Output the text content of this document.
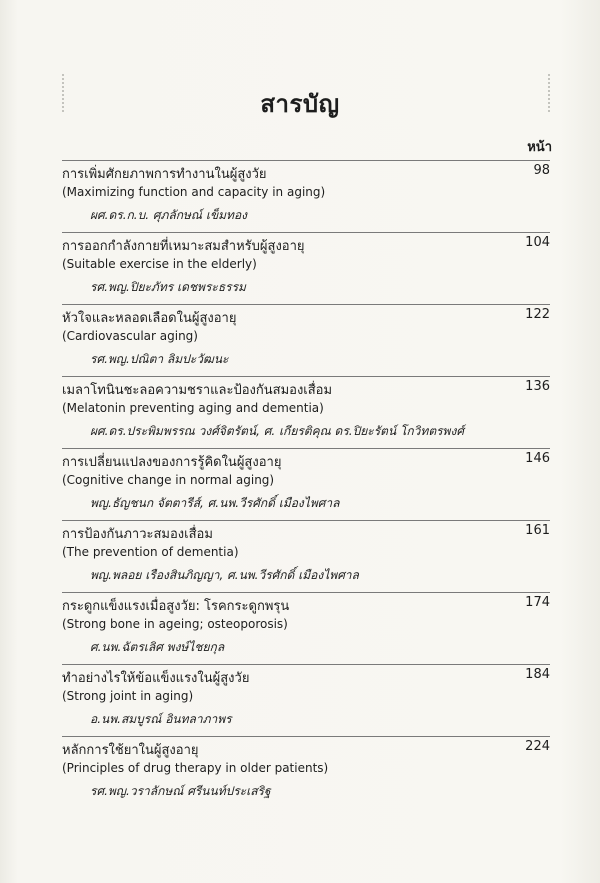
สารบัญ
หน้า
การเพิ่มศักยภาพการทำงานในผู้สูงวัย	98
(Maximizing function and capacity in aging)
ผศ.ดร.ก.บ. ศุภลักษณ์ เข็มทอง
การออกกำลังกายที่เหมาะสมสำหรับผู้สูงอายุ	104
(Suitable exercise in the elderly)
รศ.พญ.ปิยะภัทร เดชพระธรรม
หัวใจและหลอดเลือดในผู้สูงอายุ	122
(Cardiovascular aging)
รศ.พญ.ปณิตา ลิมปะวัฒนะ
เมลาโทนินชะลอความชราและป้องกันสมองเสื่อม	136
(Melatonin preventing aging and dementia)
ผศ.ดร.ประพิมพรรณ วงศ์จิตรัตน์, ศ. เกียรติคุณ ดร.ปิยะรัตน์ โกวิทตรพงศ์
การเปลี่ยนแปลงของการรู้คิดในผู้สูงอายุ	146
(Cognitive change in normal aging)
พญ.ธัญชนก จัตตารีส์, ศ.นพ.วีรศักดิ์ เมืองไพศาล
การป้องกันภาวะสมองเสื่อม	161
(The prevention of dementia)
พญ.พลอย เรืองสินภิญญา, ศ.นพ.วีรศักดิ์ เมืองไพศาล
กระดูกแข็งแรงเมื่อสูงวัย: โรคกระดูกพรุน	174
(Strong bone in ageing; osteoporosis)
ศ.นพ.ฉัตรเลิศ พงษ์ไชยกุล
ทำอย่างไรให้ข้อแข็งแรงในผู้สูงวัย	184
(Strong joint in aging)
อ.นพ.สมบูรณ์ อินทลาภาพร
หลักการใช้ยาในผู้สูงอายุ	224
(Principles of drug therapy in older patients)
รศ.พญ.วราลักษณ์ ศรีนนท์ประเสริฐ
